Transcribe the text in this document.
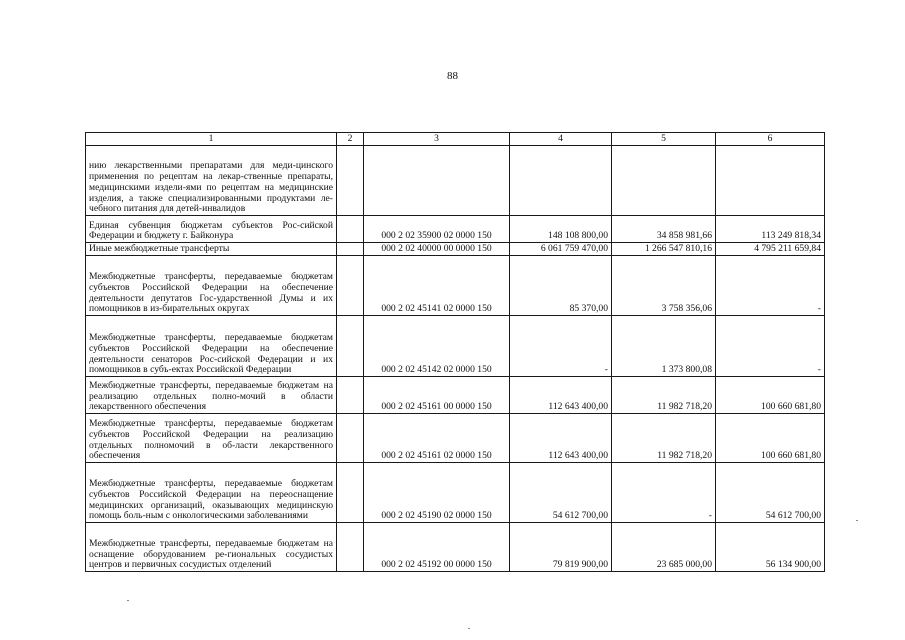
88
1	2	3	4	5	6
нию лекарственными препаратами для меди-цинского применения по рецептам на лекар-ственные препараты, медицинскими издели-ями по рецептам на медицинские изделия, а также специализированными продуктами ле-чебного питания для детей-инвалидов					
Единая субвенция бюджетам субъектов Рос-сийской Федерации и бюджету г. Байконура		000 2 02 35900 02 0000 150	148 108 800,00	34 858 981,66	113 249 818,34
Иные межбюджетные трансферты		000 2 02 40000 00 0000 150	6 061 759 470,00	1 266 547 810,16	4 795 211 659,84
Межбюджетные трансферты, передаваемые бюджетам субъектов Российской Федерации на обеспечение деятельности депутатов Гос-ударственной Думы и их помощников в из-бирательных округах		000 2 02 45141 02 0000 150	85 370,00	3 758 356,06	-
Межбюджетные трансферты, передаваемые бюджетам субъектов Российской Федерации на обеспечение деятельности сенаторов Рос-сийской Федерации и их помощников в субъ-ектах Российской Федерации		000 2 02 45142 02 0000 150	-	1 373 800,08	-
Межбюджетные трансферты, передаваемые бюджетам на реализацию отдельных полно-мочий в области лекарственного обеспечения		000 2 02 45161 00 0000 150	112 643 400,00	11 982 718,20	100 660 681,80
Межбюджетные трансферты, передаваемые бюджетам субъектов Российской Федерации на реализацию отдельных полномочий в об-ласти лекарственного обеспечения		000 2 02 45161 02 0000 150	112 643 400,00	11 982 718,20	100 660 681,80
Межбюджетные трансферты, передаваемые бюджетам субъектов Российской Федерации на переоснащение медицинских организаций, оказывающих медицинскую помощь боль-ным с онкологическими заболеваниями		000 2 02 45190 02 0000 150	54 612 700,00	-	54 612 700,00
Межбюджетные трансферты, передаваемые бюджетам на оснащение оборудованием ре-гиональных сосудистых центров и первичных сосудистых отделений		000 2 02 45192 00 0000 150	79 819 900,00	23 685 000,00	56 134 900,00
